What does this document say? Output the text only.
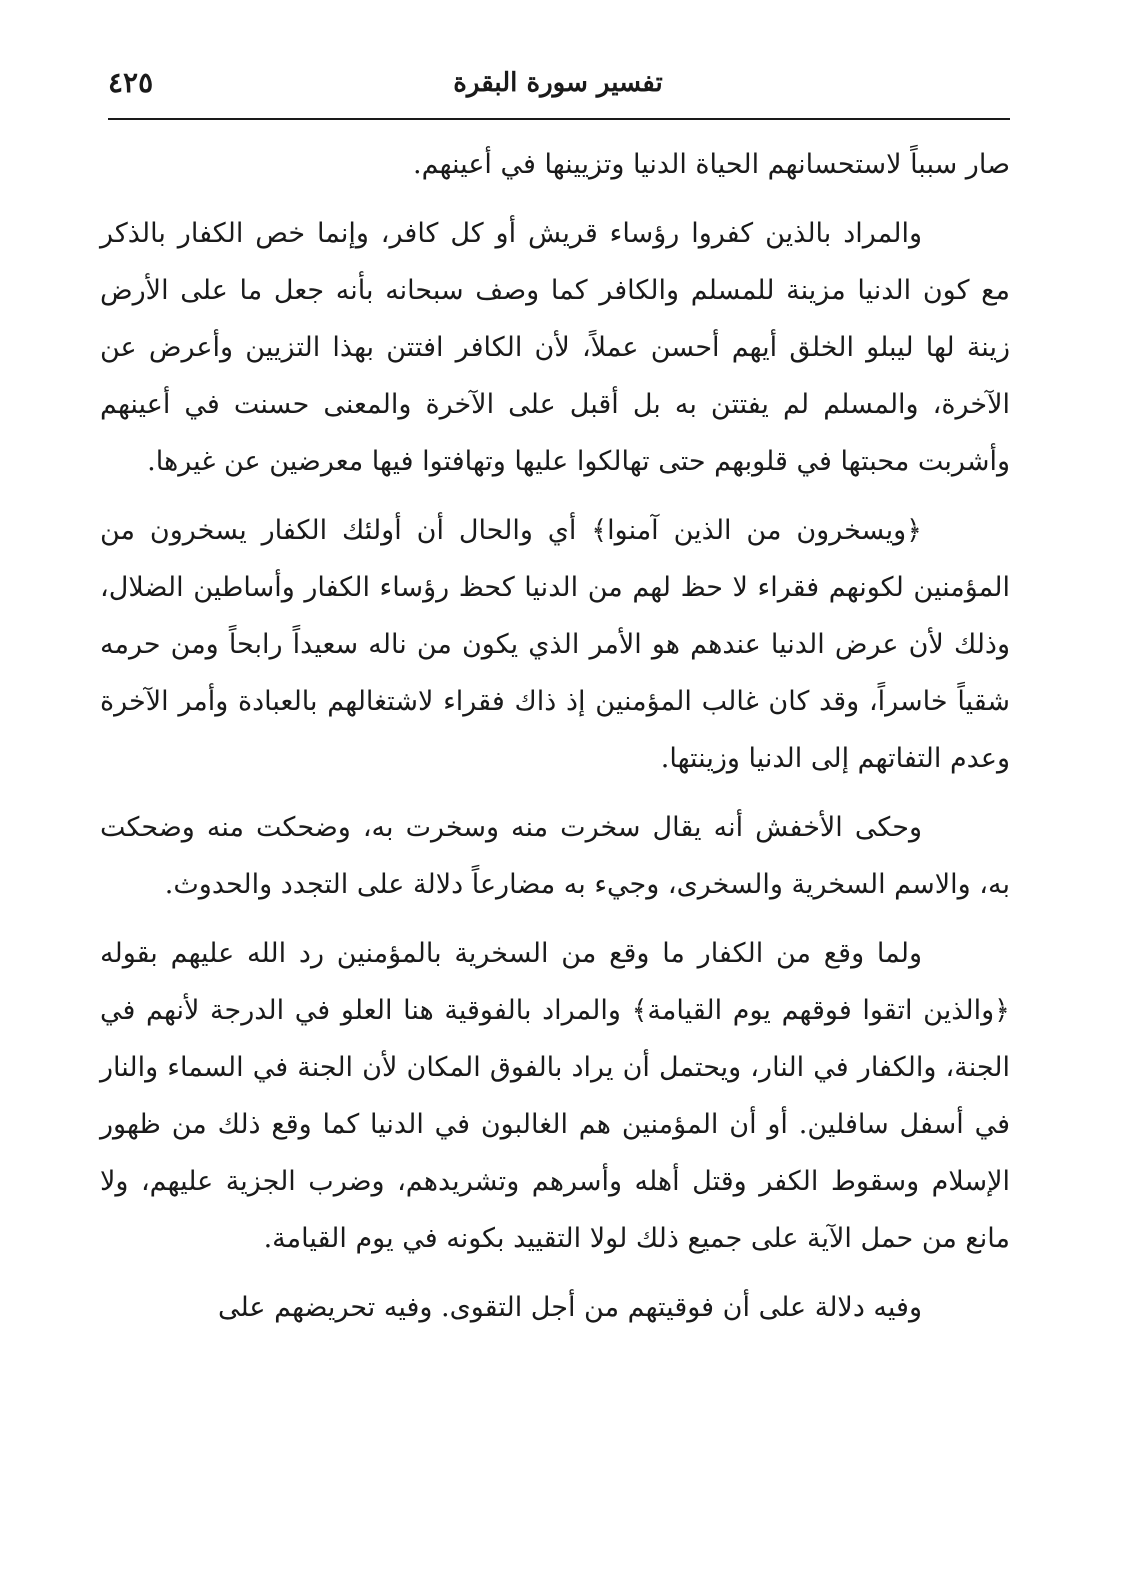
تفسير سورة البقرة
٤٢٥

صار سبباً لاستحسانهم الحياة الدنيا وتزيينها في أعينهم.

والمراد بالذين كفروا رؤساء قريش أو كل كافر، وإنما خص الكفار بالذكر مع كون الدنيا مزينة للمسلم والكافر كما وصف سبحانه بأنه جعل ما على الأرض زينة لها ليبلو الخلق أيهم أحسن عملاً، لأن الكافر افتتن بهذا التزيين وأعرض عن الآخرة، والمسلم لم يفتتن به بل أقبل على الآخرة والمعنى حسنت في أعينهم وأشربت محبتها في قلوبهم حتى تهالكوا عليها وتهافتوا فيها معرضين عن غيرها.

﴿ويسخرون من الذين آمنوا﴾ أي والحال أن أولئك الكفار يسخرون من المؤمنين لكونهم فقراء لا حظ لهم من الدنيا كحظ رؤساء الكفار وأساطين الضلال، وذلك لأن عرض الدنيا عندهم هو الأمر الذي يكون من ناله سعيداً رابحاً ومن حرمه شقياً خاسراً، وقد كان غالب المؤمنين إذ ذاك فقراء لاشتغالهم بالعبادة وأمر الآخرة وعدم التفاتهم إلى الدنيا وزينتها.

وحكى الأخفش أنه يقال سخرت منه وسخرت به، وضحكت منه وضحكت به، والاسم السخرية والسخرى، وجيء به مضارعاً دلالة على التجدد والحدوث.

ولما وقع من الكفار ما وقع من السخرية بالمؤمنين رد الله عليهم بقوله ﴿والذين اتقوا فوقهم يوم القيامة﴾ والمراد بالفوقية هنا العلو في الدرجة لأنهم في الجنة، والكفار في النار، ويحتمل أن يراد بالفوق المكان لأن الجنة في السماء والنار في أسفل سافلين. أو أن المؤمنين هم الغالبون في الدنيا كما وقع ذلك من ظهور الإسلام وسقوط الكفر وقتل أهله وأسرهم وتشريدهم، وضرب الجزية عليهم، ولا مانع من حمل الآية على جميع ذلك لولا التقييد بكونه في يوم القيامة.

وفيه دلالة على أن فوقيتهم من أجل التقوى. وفيه تحريضهم على
